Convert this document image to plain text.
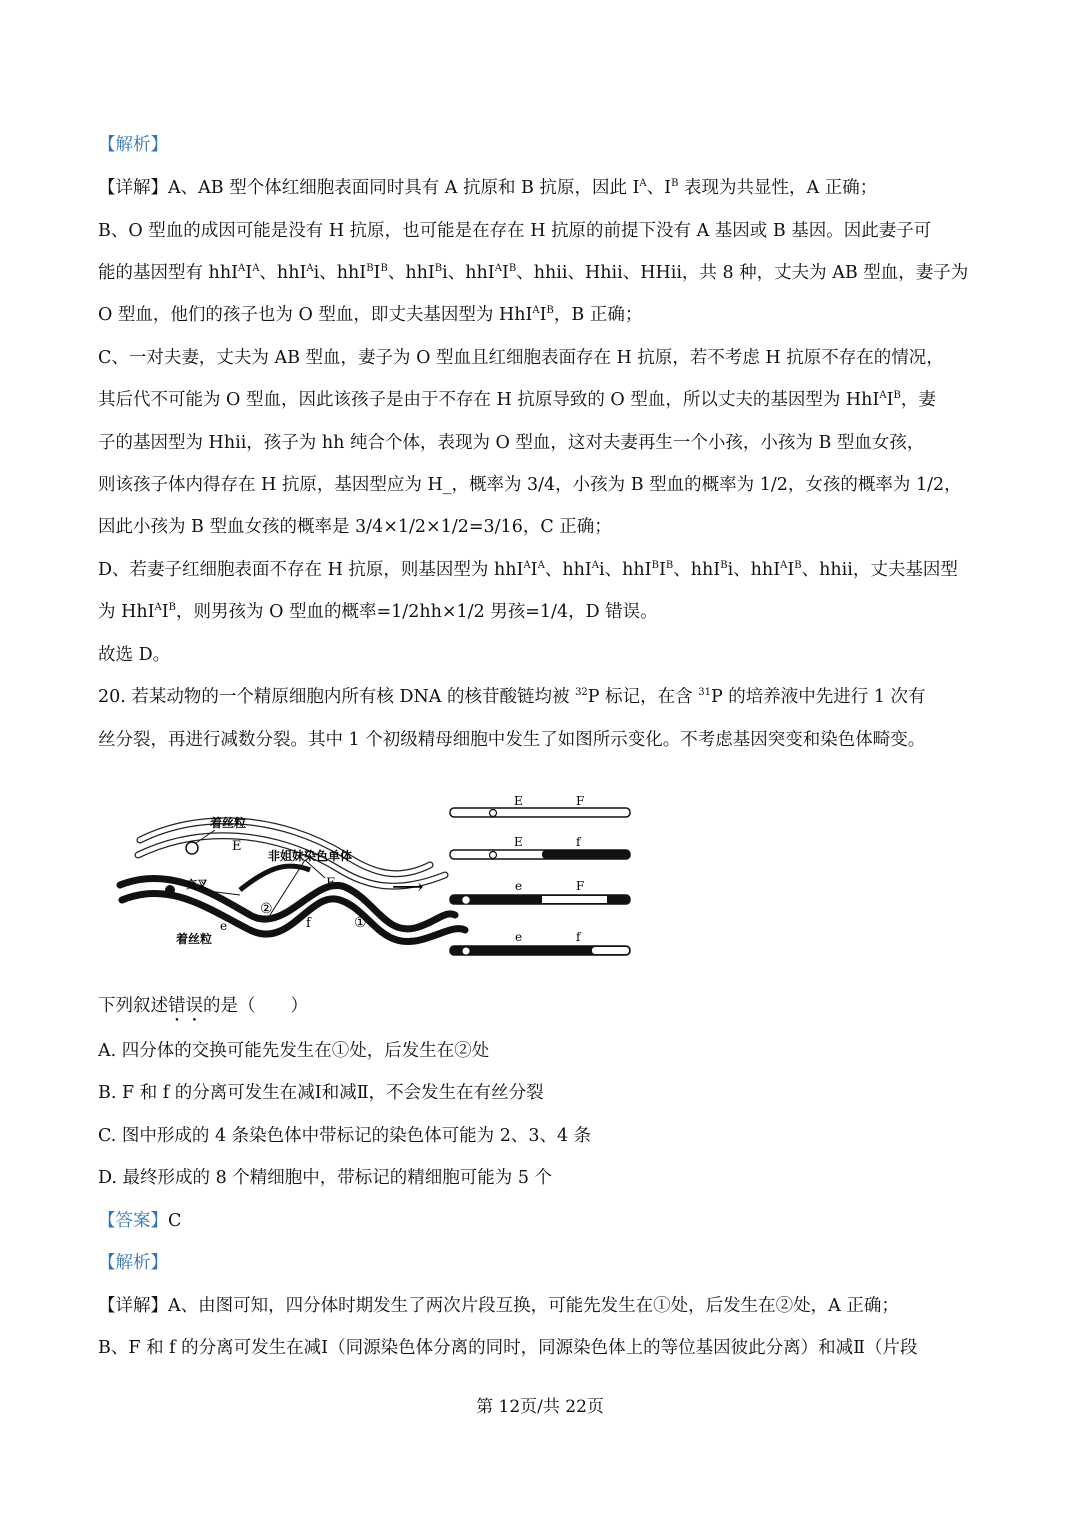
【解析】
【详解】A、AB 型个体红细胞表面同时具有 A 抗原和 B 抗原，因此 $I^A$、$I^B$ 表现为共显性，A 正确；
B、O 型血的成因可能是没有 H 抗原，也可能是在存在 H 抗原的前提下没有 A 基因或 B 基因。因此妻子可
能的基因型有 $hhI^AI^A$、hhI$^A$i、$hhI^BI^B$、hhI$^B$i、$hhI^AI^B$、hhii、Hhii、HHii，共 8 种，丈夫为 AB 型血，妻子为
O 型血，他们的孩子也为 O 型血，即丈夫基因型为 $HhI^AI^B$，B 正确；
C、一对夫妻，丈夫为 AB 型血，妻子为 O 型血且红细胞表面存在 H 抗原，若不考虑 H 抗原不存在的情况，
其后代不可能为 O 型血，因此该孩子是由于不存在 H 抗原导致的 O 型血，所以丈夫的基因型为 $HhI^AI^B$，妻
子的基因型为 Hhii，孩子为 hh 纯合个体，表现为 O 型血，这对夫妻再生一个小孩，小孩为 B 型血女孩，
则该孩子体内得存在 H 抗原，基因型应为 H_，概率为 3/4，小孩为 B 型血的概率为 1/2，女孩的概率为 1/2，
因此小孩为 B 型血女孩的概率是 3/4×1/2×1/2=3/16，C 正确；
D、若妻子红细胞表面不存在 H 抗原，则基因型为 $hhI^AI^A$、hhI$^A$i、$hhI^BI^B$、hhI$^B$i、$hhI^AI^B$、hhii，丈夫基因型
为 $HhI^AI^B$，则男孩为 O 型血的概率=1/2hh×1/2 男孩=1/4，D 错误。
故选 D。
20. 若某动物的一个精原细胞内所有核 DNA 的核苷酸链均被 $^{32}$P 标记，在含 $^{31}$P 的培养液中先进行 1 次有
丝分裂，再进行减数分裂。其中 1 个初级精母细胞中发生了如图所示变化。不考虑基因突变和染色体畸变。
着丝粒
E
非姐妹染色单体
交叉	F
②
f	①
着丝粒
e
⟶
E	F
E	f
e	F
e	f
下列叙述错误的是（　　）
A. 四分体的交换可能先发生在①处，后发生在②处
B. F 和 f 的分离可发生在减Ⅰ和减Ⅱ，不会发生在有丝分裂
C. 图中形成的 4 条染色体中带标记的染色体可能为 2、3、4 条
D. 最终形成的 8 个精细胞中，带标记的精细胞可能为 5 个
【答案】C
【解析】
【详解】A、由图可知，四分体时期发生了两次片段互换，可能先发生在①处，后发生在②处，A 正确；
B、F 和 f 的分离可发生在减Ⅰ（同源染色体分离的同时，同源染色体上的等位基因彼此分离）和减Ⅱ（片段
第 12页/共 22页
